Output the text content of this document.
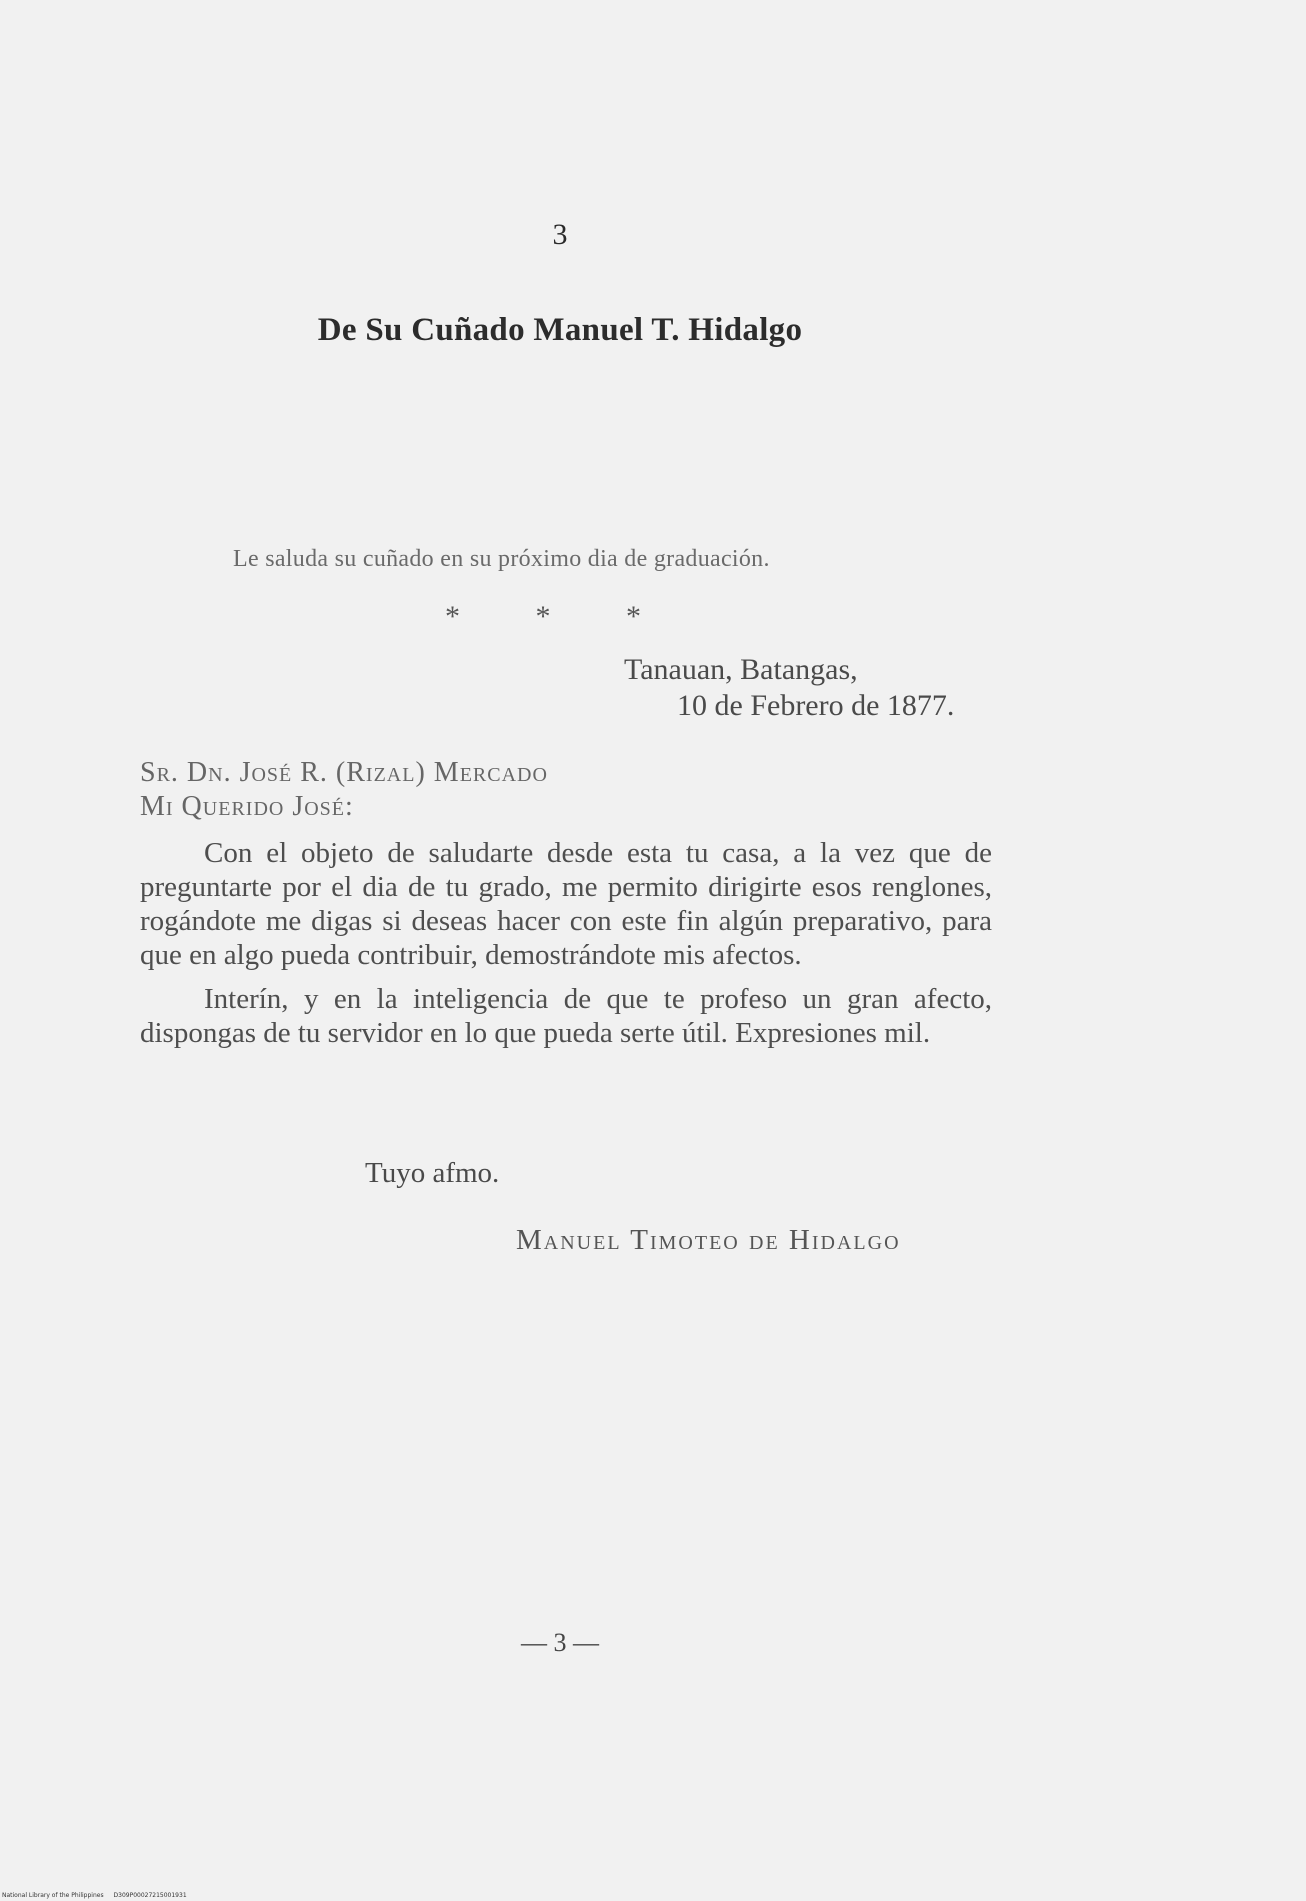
3
De Su Cuñado Manuel T. Hidalgo
Le saluda su cuñado en su próximo dia de graduación.
* * *
Tanauan, Batangas,
10 de Febrero de 1877.
Sr. Dn. José R. (Rizal) Mercado
Mi Querido José:

Con el objeto de saludarte desde esta tu casa, a la vez que de preguntarte por el dia de tu grado, me permito dirigirte esos renglones, rogándote me digas si deseas hacer con este fin algún preparativo, para que en algo pueda contribuir, demostrándote mis afectos.

Interín, y en la inteligencia de que te profeso un gran afecto, dispongas de tu servidor en lo que pueda serte útil. Expresiones mil.

Tuyo afmo.
Manuel Timoteo de Hidalgo
— 3 —
National Library of the Philippines D309P00027215001931
